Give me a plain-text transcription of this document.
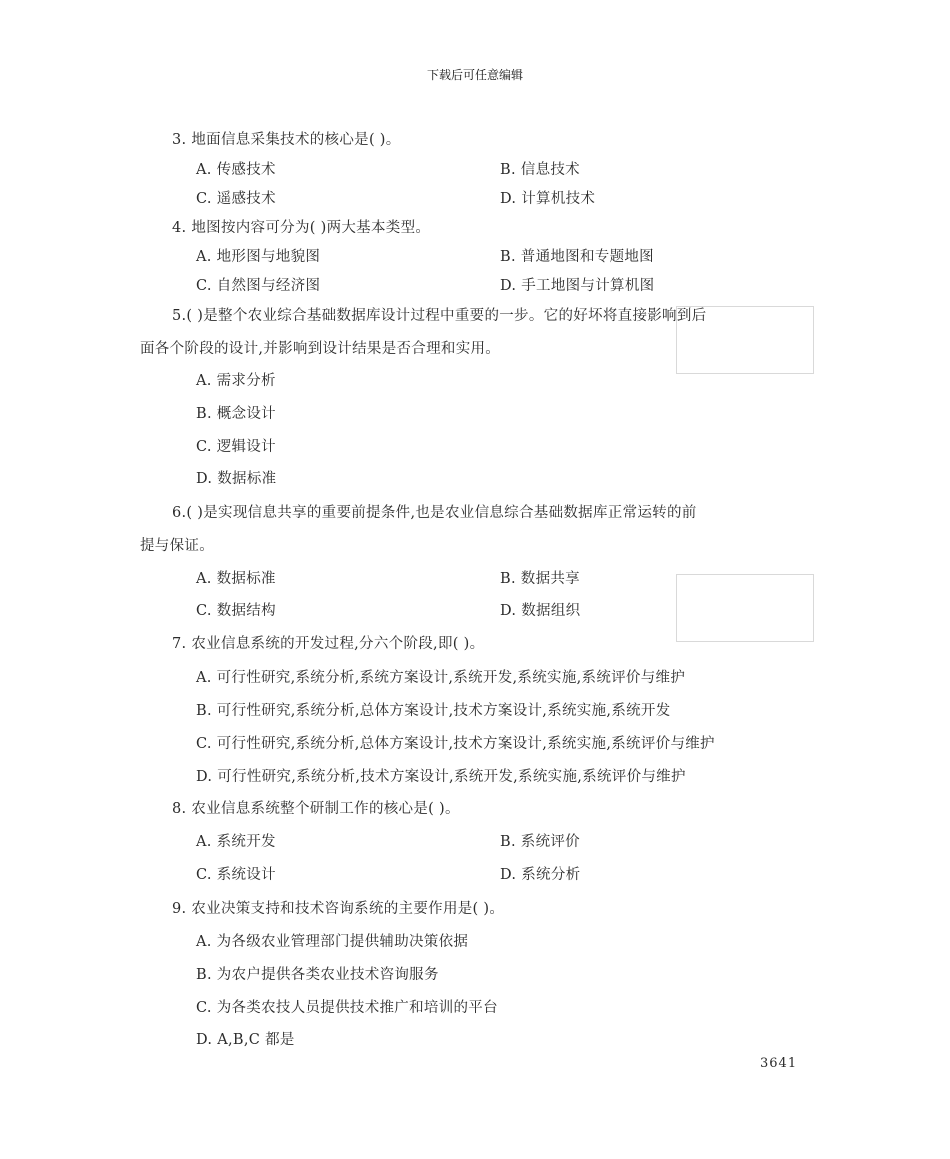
下载后可任意编辑
3. 地面信息采集技术的核心是( )。
A. 传感技术	B. 信息技术
C. 遥感技术	D. 计算机技术
4. 地图按内容可分为( )两大基本类型。
A. 地形图与地貌图	B. 普通地图和专题地图
C. 自然图与经济图	D. 手工地图与计算机图
5.( )是整个农业综合基础数据库设计过程中重要的一步。它的好坏将直接影响到后
面各个阶段的设计,并影响到设计结果是否合理和实用。
A. 需求分析
B. 概念设计
C. 逻辑设计
D. 数据标准
6.( )是实现信息共享的重要前提条件,也是农业信息综合基础数据库正常运转的前
提与保证。
A. 数据标准	B. 数据共享
C. 数据结构	D. 数据组织
7. 农业信息系统的开发过程,分六个阶段,即( )。
A. 可行性研究,系统分析,系统方案设计,系统开发,系统实施,系统评价与维护
B. 可行性研究,系统分析,总体方案设计,技术方案设计,系统实施,系统开发
C. 可行性研究,系统分析,总体方案设计,技术方案设计,系统实施,系统评价与维护
D. 可行性研究,系统分析,技术方案设计,系统开发,系统实施,系统评价与维护
8. 农业信息系统整个研制工作的核心是( )。
A. 系统开发	B. 系统评价
C. 系统设计	D. 系统分析
9. 农业决策支持和技术咨询系统的主要作用是( )。
A. 为各级农业管理部门提供辅助决策依据
B. 为农户提供各类农业技术咨询服务
C. 为各类农技人员提供技术推广和培训的平台
D. A,B,C 都是
3641
